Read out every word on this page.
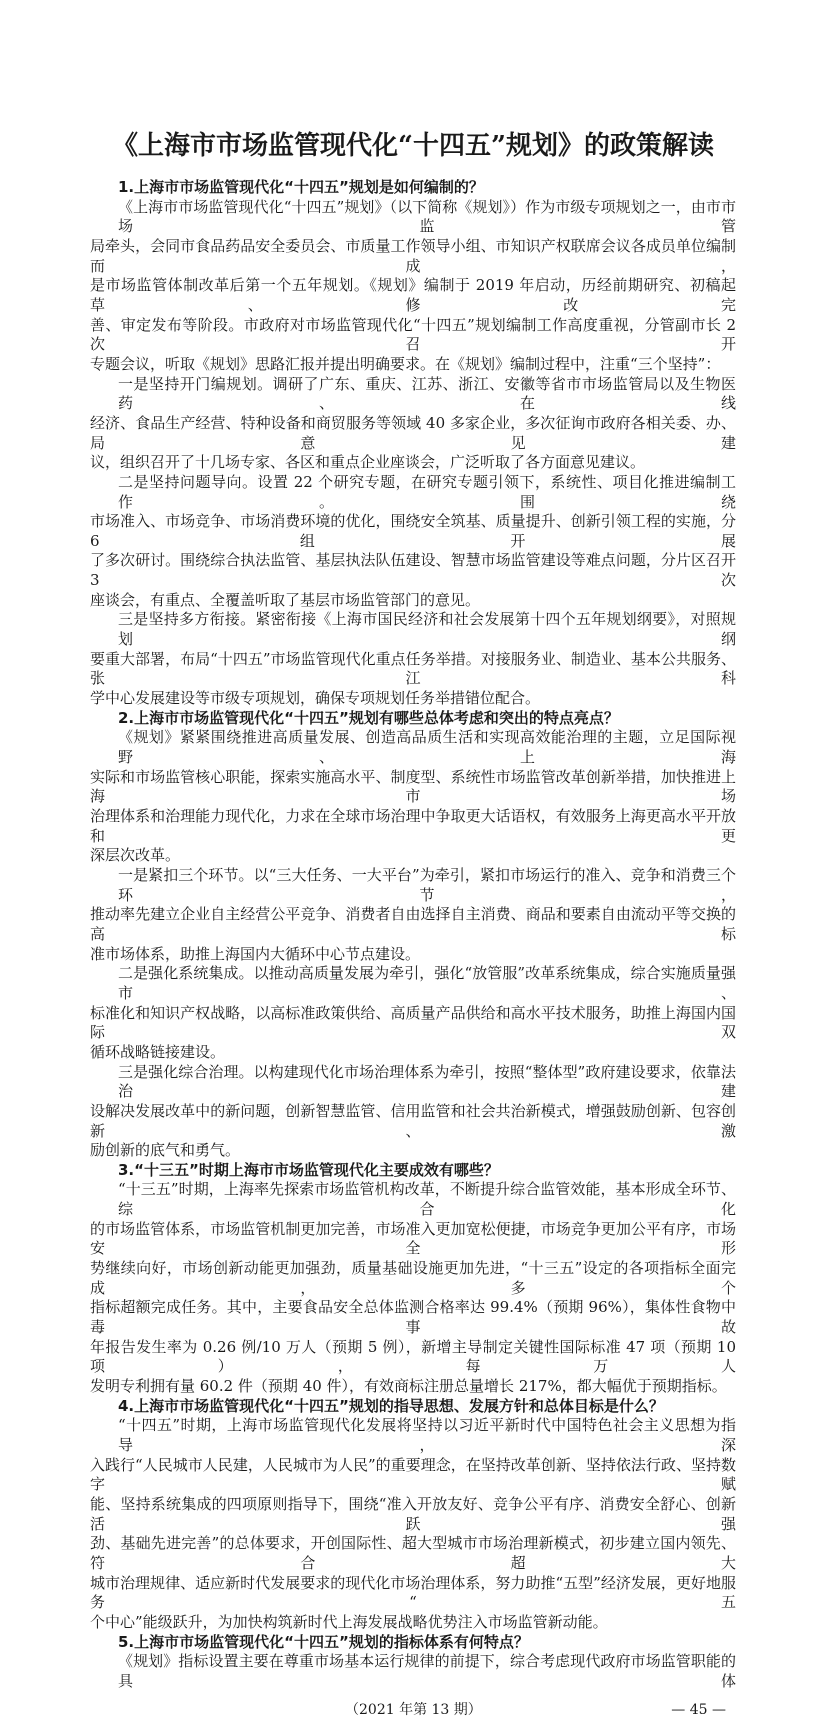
《上海市市场监管现代化“十四五”规划》的政策解读
1.上海市市场监管现代化“十四五”规划是如何编制的？
《上海市市场监管现代化“十四五”规划》（以下简称《规划》）作为市级专项规划之一，由市市场监管
局牵头，会同市食品药品安全委员会、市质量工作领导小组、市知识产权联席会议各成员单位编制而成，
是市场监管体制改革后第一个五年规划。《规划》编制于 2019 年启动，历经前期研究、初稿起草、修改完
善、审定发布等阶段。市政府对市场监管现代化“十四五”规划编制工作高度重视，分管副市长 2 次召开
专题会议，听取《规划》思路汇报并提出明确要求。在《规划》编制过程中，注重“三个坚持”：
一是坚持开门编规划。调研了广东、重庆、江苏、浙江、安徽等省市市场监管局以及生物医药、在线
经济、食品生产经营、特种设备和商贸服务等领域 40 多家企业，多次征询市政府各相关委、办、局意见建
议，组织召开了十几场专家、各区和重点企业座谈会，广泛听取了各方面意见建议。
二是坚持问题导向。设置 22 个研究专题，在研究专题引领下，系统性、项目化推进编制工作。围绕
市场准入、市场竞争、市场消费环境的优化，围绕安全筑基、质量提升、创新引领工程的实施，分 6 组开展
了多次研讨。围绕综合执法监管、基层执法队伍建设、智慧市场监管建设等难点问题，分片区召开 3 次
座谈会，有重点、全覆盖听取了基层市场监管部门的意见。
三是坚持多方衔接。紧密衔接《上海市国民经济和社会发展第十四个五年规划纲要》，对照规划纲
要重大部署，布局“十四五”市场监管现代化重点任务举措。对接服务业、制造业、基本公共服务、张江科
学中心发展建设等市级专项规划，确保专项规划任务举措错位配合。
2.上海市市场监管现代化“十四五”规划有哪些总体考虑和突出的特点亮点？
《规划》紧紧围绕推进高质量发展、创造高品质生活和实现高效能治理的主题，立足国际视野、上海
实际和市场监管核心职能，探索实施高水平、制度型、系统性市场监管改革创新举措，加快推进上海市场
治理体系和治理能力现代化，力求在全球市场治理中争取更大话语权，有效服务上海更高水平开放和更
深层次改革。
一是紧扣三个环节。以“三大任务、一大平台”为牵引，紧扣市场运行的准入、竞争和消费三个环节，
推动率先建立企业自主经营公平竞争、消费者自由选择自主消费、商品和要素自由流动平等交换的高标
准市场体系，助推上海国内大循环中心节点建设。
二是强化系统集成。以推动高质量发展为牵引，强化“放管服”改革系统集成，综合实施质量强市、
标准化和知识产权战略，以高标准政策供给、高质量产品供给和高水平技术服务，助推上海国内国际双
循环战略链接建设。
三是强化综合治理。以构建现代化市场治理体系为牵引，按照“整体型”政府建设要求，依靠法治建
设解决发展改革中的新问题，创新智慧监管、信用监管和社会共治新模式，增强鼓励创新、包容创新、激
励创新的底气和勇气。
3.“十三五”时期上海市市场监管现代化主要成效有哪些？
“十三五”时期，上海率先探索市场监管机构改革，不断提升综合监管效能，基本形成全环节、综合化
的市场监管体系，市场监管机制更加完善，市场准入更加宽松便捷，市场竞争更加公平有序，市场安全形
势继续向好，市场创新动能更加强劲，质量基础设施更加先进，“十三五”设定的各项指标全面完成，多个
指标超额完成任务。其中，主要食品安全总体监测合格率达 99.4%（预期 96%），集体性食物中毒事故
年报告发生率为 0.26 例/10 万人（预期 5 例），新增主导制定关键性国际标准 47 项（预期 10 项），每万人
发明专利拥有量 60.2 件（预期 40 件），有效商标注册总量增长 217%，都大幅优于预期指标。
4.上海市市场监管现代化“十四五”规划的指导思想、发展方针和总体目标是什么？
“十四五”时期，上海市场监管现代化发展将坚持以习近平新时代中国特色社会主义思想为指导，深
入践行“人民城市人民建，人民城市为人民”的重要理念，在坚持改革创新、坚持依法行政、坚持数字赋
能、坚持系统集成的四项原则指导下，围绕“准入开放友好、竞争公平有序、消费安全舒心、创新活跃强
劲、基础先进完善”的总体要求，开创国际性、超大型城市市场治理新模式，初步建立国内领先、符合超大
城市治理规律、适应新时代发展要求的现代化市场治理体系，努力助推“五型”经济发展，更好地服务“五
个中心”能级跃升，为加快构筑新时代上海发展战略优势注入市场监管新动能。
5.上海市市场监管现代化“十四五”规划的指标体系有何特点？
《规划》指标设置主要在尊重市场基本运行规律的前提下，综合考虑现代政府市场监管职能的具体
（2021 年第 13 期）	— 45 —
